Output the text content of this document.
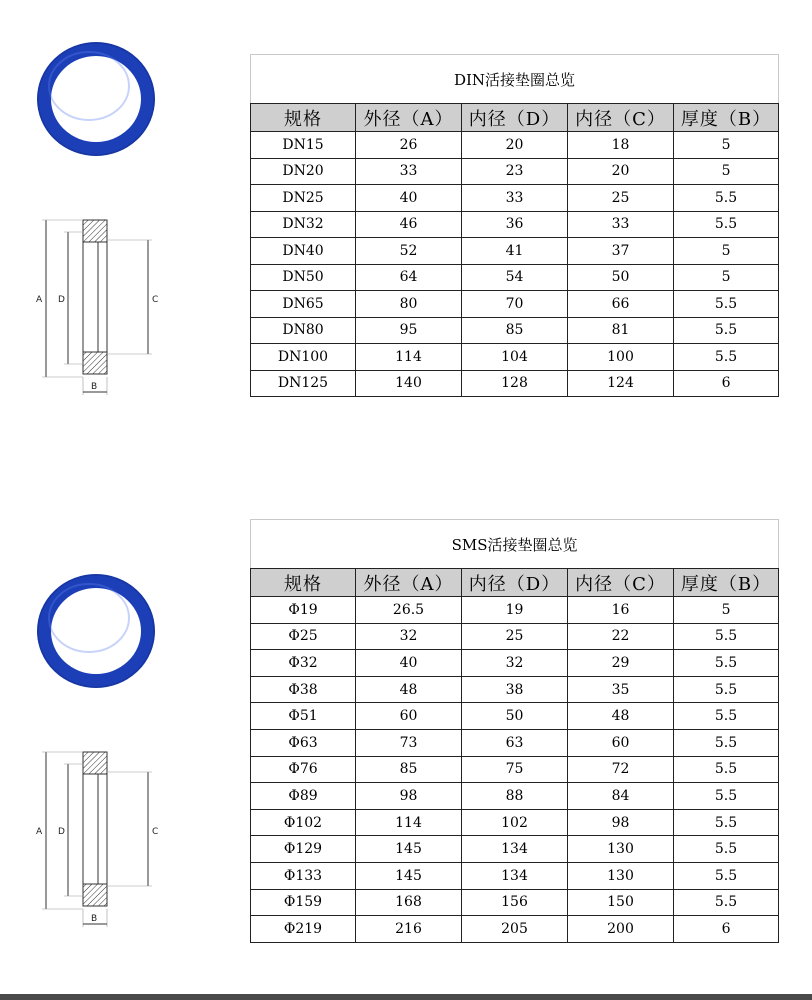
A D	C
B
DIN活接垫圈总览				
规格	外径（A）	内径（D）	内径（C）	厚度（B）
DN15	26	20	18	5
DN20	33	23	20	5
DN25	40	33	25	5.5
DN32	46	36	33	5.5
DN40	52	41	37	5
DN50	64	54	50	5
DN65	80	70	66	5.5
DN80	95	85	81	5.5
DN100	114	104	100	5.5
DN125	140	128	124	6
A D	C
B
SMS活接垫圈总览				
规格	外径（A）	内径（D）	内径（C）	厚度（B）
Φ19	26.5	19	16	5
Φ25	32	25	22	5.5
Φ32	40	32	29	5.5
Φ38	48	38	35	5.5
Φ51	60	50	48	5.5
Φ63	73	63	60	5.5
Φ76	85	75	72	5.5
Φ89	98	88	84	5.5
Φ102	114	102	98	5.5
Φ129	145	134	130	5.5
Φ133	145	134	130	5.5
Φ159	168	156	150	5.5
Φ219	216	205	200	6
